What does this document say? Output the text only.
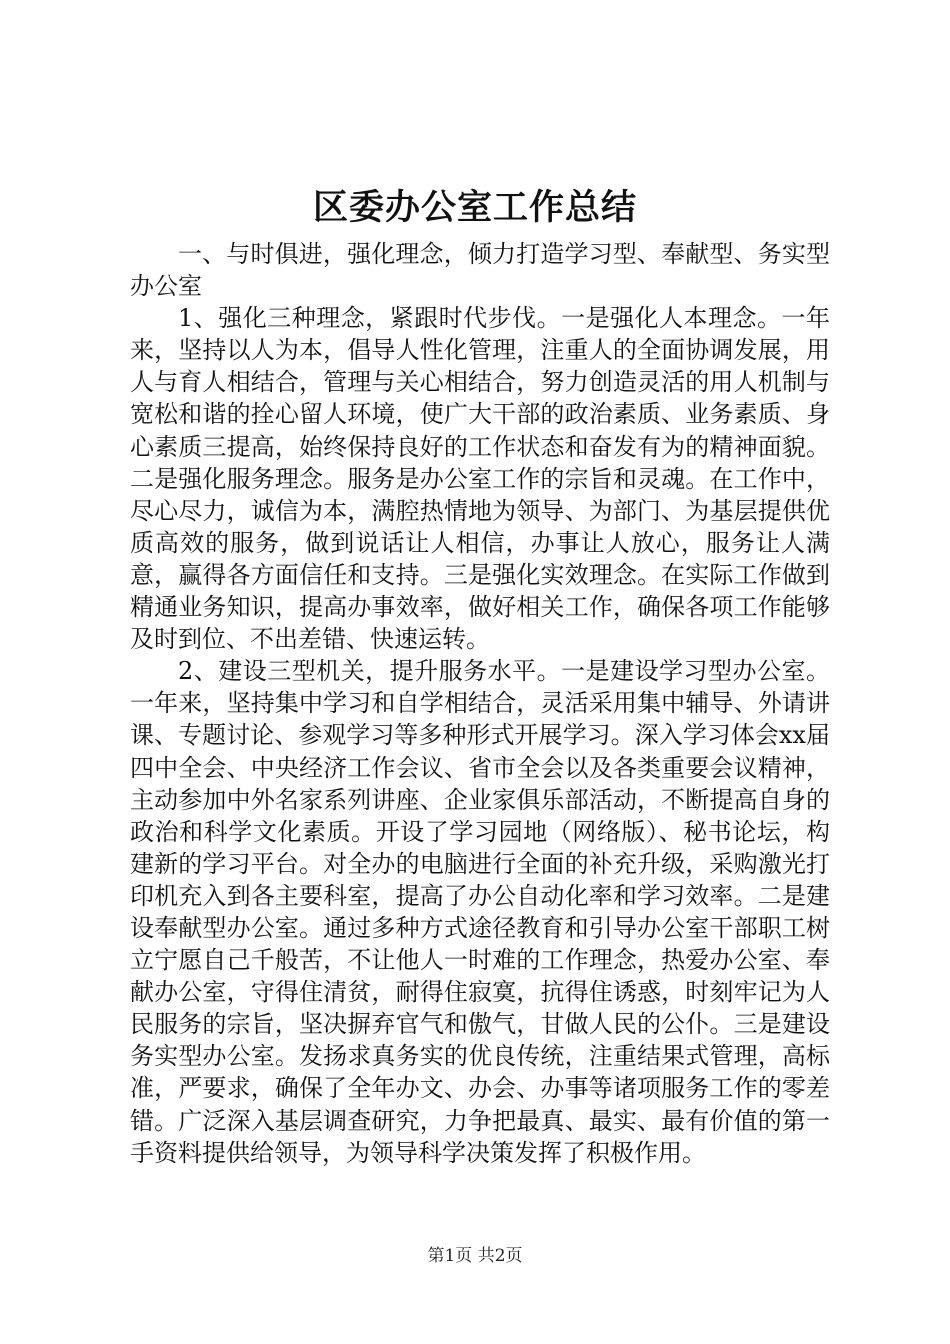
区委办公室工作总结

一、与时俱进，强化理念，倾力打造学习型、奉献型、务实型办公室

1、强化三种理念，紧跟时代步伐。一是强化人本理念。一年来，坚持以人为本，倡导人性化管理，注重人的全面协调发展，用人与育人相结合，管理与关心相结合，努力创造灵活的用人机制与宽松和谐的拴心留人环境，使广大干部的政治素质、业务素质、身心素质三提高，始终保持良好的工作状态和奋发有为的精神面貌。二是强化服务理念。服务是办公室工作的宗旨和灵魂。在工作中，尽心尽力，诚信为本，满腔热情地为领导、为部门、为基层提供优质高效的服务，做到说话让人相信，办事让人放心，服务让人满意，赢得各方面信任和支持。三是强化实效理念。在实际工作做到精通业务知识，提高办事效率，做好相关工作，确保各项工作能够及时到位、不出差错、快速运转。

2、建设三型机关，提升服务水平。一是建设学习型办公室。一年来，坚持集中学习和自学相结合，灵活采用集中辅导、外请讲课、专题讨论、参观学习等多种形式开展学习。深入学习体会xx届四中全会、中央经济工作会议、省市全会以及各类重要会议精神，主动参加中外名家系列讲座、企业家俱乐部活动，不断提高自身的政治和科学文化素质。开设了学习园地（网络版）、秘书论坛，构建新的学习平台。对全办的电脑进行全面的补充升级，采购激光打印机充入到各主要科室，提高了办公自动化率和学习效率。二是建设奉献型办公室。通过多种方式途径教育和引导办公室干部职工树立宁愿自己千般苦，不让他人一时难的工作理念，热爱办公室、奉献办公室，守得住清贫，耐得住寂寞，抗得住诱惑，时刻牢记为人民服务的宗旨，坚决摒弃官气和傲气，甘做人民的公仆。三是建设务实型办公室。发扬求真务实的优良传统，注重结果式管理，高标准，严要求，确保了全年办文、办会、办事等诸项服务工作的零差错。广泛深入基层调查研究，力争把最真、最实、最有价值的第一手资料提供给领导，为领导科学决策发挥了积极作用。

第1页 共2页
